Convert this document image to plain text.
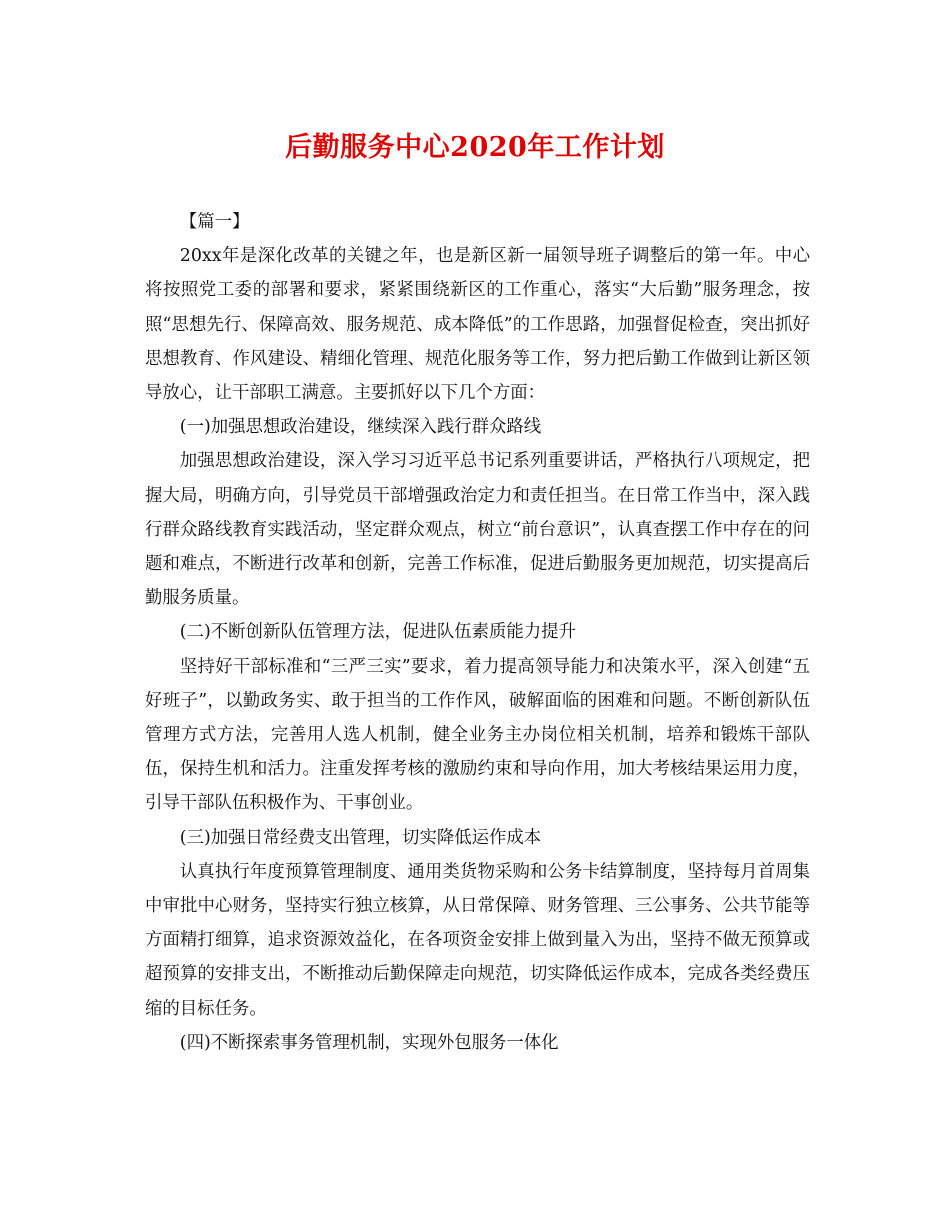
后勤服务中心2020年工作计划

【篇一】

20xx年是深化改革的关键之年，也是新区新一届领导班子调整后的第一年。中心将按照党工委的部署和要求，紧紧围绕新区的工作重心，落实“大后勤”服务理念，按照“思想先行、保障高效、服务规范、成本降低”的工作思路，加强督促检查，突出抓好思想教育、作风建设、精细化管理、规范化服务等工作，努力把后勤工作做到让新区领导放心，让干部职工满意。主要抓好以下几个方面：

(一)加强思想政治建设，继续深入践行群众路线

加强思想政治建设，深入学习习近平总书记系列重要讲话，严格执行八项规定，把握大局，明确方向，引导党员干部增强政治定力和责任担当。在日常工作当中，深入践行群众路线教育实践活动，坚定群众观点，树立“前台意识”，认真查摆工作中存在的问题和难点，不断进行改革和创新，完善工作标准，促进后勤服务更加规范，切实提高后勤服务质量。

(二)不断创新队伍管理方法，促进队伍素质能力提升

坚持好干部标准和“三严三实”要求，着力提高领导能力和决策水平，深入创建“五好班子”，以勤政务实、敢于担当的工作作风，破解面临的困难和问题。不断创新队伍管理方式方法，完善用人选人机制，健全业务主办岗位相关机制，培养和锻炼干部队伍，保持生机和活力。注重发挥考核的激励约束和导向作用，加大考核结果运用力度，引导干部队伍积极作为、干事创业。

(三)加强日常经费支出管理，切实降低运作成本

认真执行年度预算管理制度、通用类货物采购和公务卡结算制度，坚持每月首周集中审批中心财务，坚持实行独立核算，从日常保障、财务管理、三公事务、公共节能等方面精打细算，追求资源效益化，在各项资金安排上做到量入为出，坚持不做无预算或超预算的安排支出，不断推动后勤保障走向规范，切实降低运作成本，完成各类经费压缩的目标任务。

(四)不断探索事务管理机制，实现外包服务一体化
